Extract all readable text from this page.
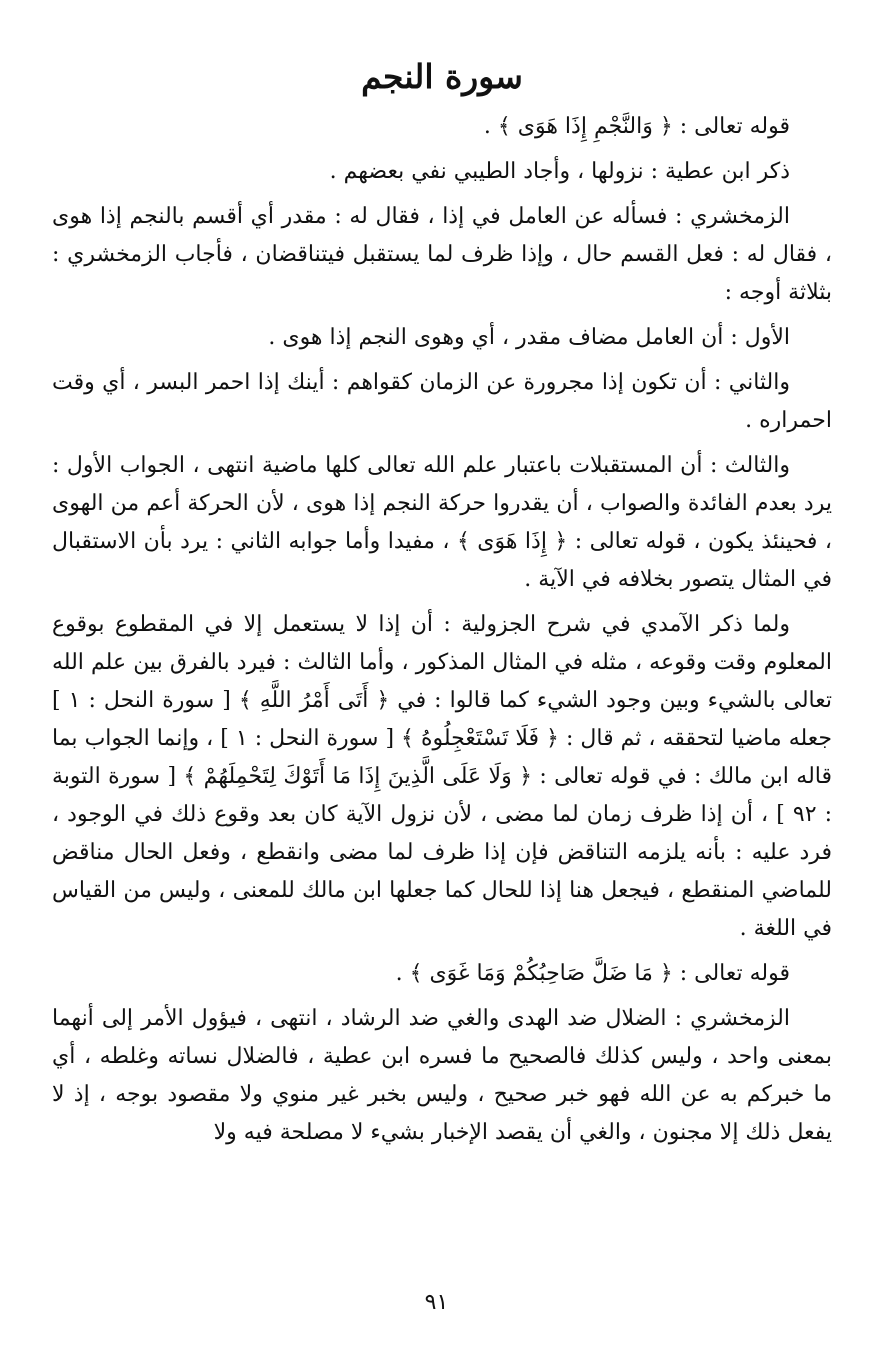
سورة النجم

قوله تعالى : ﴿ وَالنَّجْمِ إِذَا هَوَى ﴾ .

ذكر ابن عطية : نزولها ، وأجاد الطيبي نفي بعضهم .

الزمخشري : فسأله عن العامل في إذا ، فقال له : مقدر أي أقسم بالنجم إذا هوى ، فقال له : فعل القسم حال ، وإذا ظرف لما يستقبل فيتناقضان ، فأجاب الزمخشري : بثلاثة أوجه :

الأول : أن العامل مضاف مقدر ، أي وهوى النجم إذا هوى .

والثاني : أن تكون إذا مجرورة عن الزمان كقواهم : أينك إذا احمر البسر ، أي وقت احمراره .

والثالث : أن المستقبلات باعتبار علم الله تعالى كلها ماضية انتهى ، الجواب الأول : يرد بعدم الفائدة والصواب ، أن يقدروا حركة النجم إذا هوى ، لأن الحركة أعم من الهوى ، فحينئذ يكون ، قوله تعالى : ﴿ إِذَا هَوَى ﴾ ، مفيدا وأما جوابه الثاني : يرد بأن الاستقبال في المثال يتصور بخلافه في الآية .

ولما ذكر الآمدي في شرح الجزولية : أن إذا لا يستعمل إلا في المقطوع بوقوع المعلوم وقت وقوعه ، مثله في المثال المذكور ، وأما الثالث : فيرد بالفرق بين علم الله تعالى بالشيء وبين وجود الشيء كما قالوا : في ﴿ أَتَى أَمْرُ اللَّهِ ﴾ [ سورة النحل : ١ ] جعله ماضيا لتحققه ، ثم قال : ﴿ فَلَا تَسْتَعْجِلُوهُ ﴾ [ سورة النحل : ١ ] ، وإنما الجواب بما قاله ابن مالك : في قوله تعالى : ﴿ وَلَا عَلَى الَّذِينَ إِذَا مَا أَتَوْكَ لِتَحْمِلَهُمْ ﴾ [ سورة التوبة : ٩٢ ] ، أن إذا ظرف زمان لما مضى ، لأن نزول الآية كان بعد وقوع ذلك في الوجود ، فرد عليه : بأنه يلزمه التناقض فإن إذا ظرف لما مضى وانقطع ، وفعل الحال مناقض للماضي المنقطع ، فيجعل هنا إذا للحال كما جعلها ابن مالك للمعنى ، وليس من القياس في اللغة .

قوله تعالى : ﴿ مَا ضَلَّ صَاحِبُكُمْ وَمَا غَوَى ﴾ .

الزمخشري : الضلال ضد الهدى والغي ضد الرشاد ، انتهى ، فيؤول الأمر إلى أنهما بمعنى واحد ، وليس كذلك فالصحيح ما فسره ابن عطية ، فالضلال نساته وغلطه ، أي ما خبركم به عن الله فهو خبر صحيح ، وليس بخبر غير منوي ولا مقصود بوجه ، إذ لا يفعل ذلك إلا مجنون ، والغي أن يقصد الإخبار بشيء لا مصلحة فيه ولا

٩١
